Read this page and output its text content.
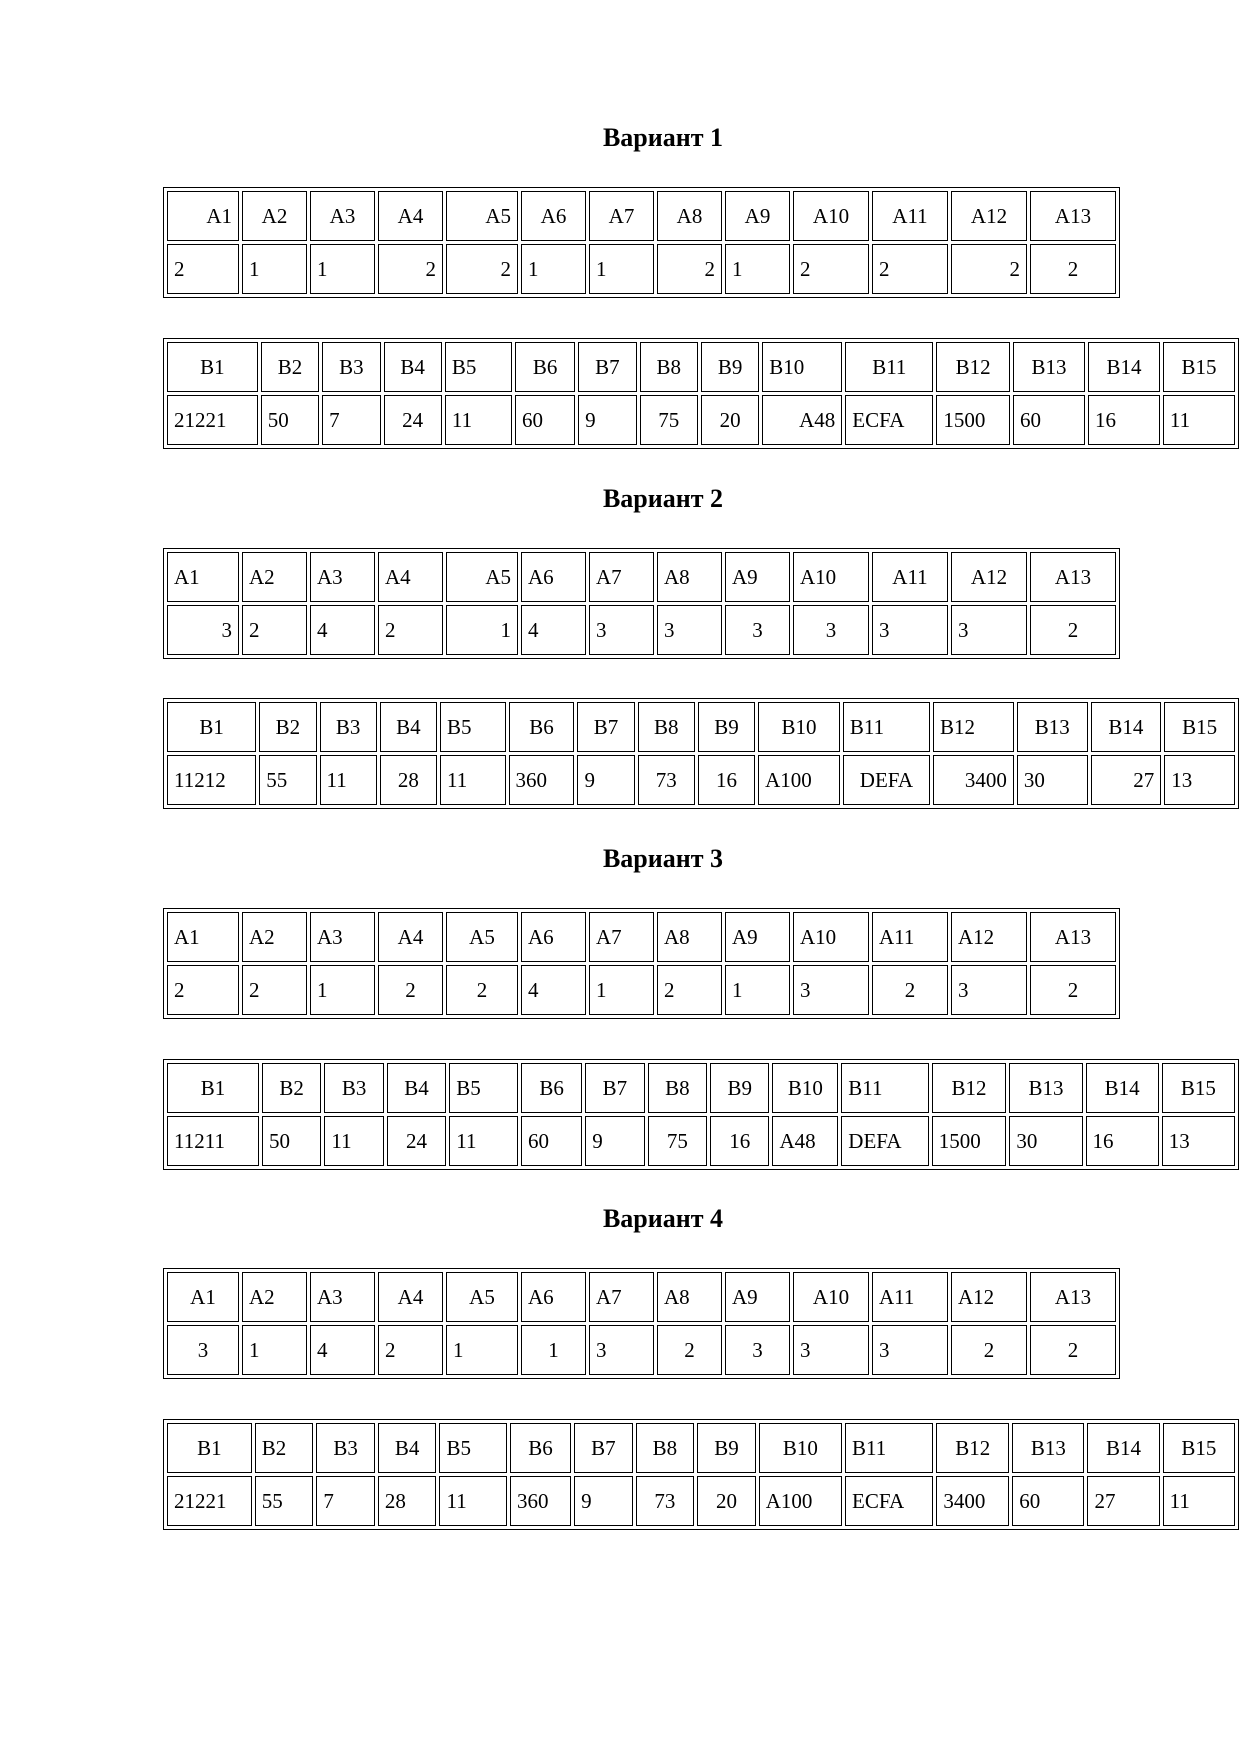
Вариант 1
A1	A2	A3	A4	A5	A6	A7	A8	A9	A10	A11	A12	A13
2	1	1	2	2	1	1	2	1	2	2	2	2
B1	B2	B3	B4	B5	B6	B7	B8	B9	B10	B11	B12	B13	B14	B15
21221	50	7	24	11	60	9	75	20	A48	ECFA	1500	60	16	11
Вариант 2
A1	A2	A3	A4	A5	A6	A7	A8	A9	A10	A11	A12	A13
3	2	4	2	1	4	3	3	3	3	3	3	2
B1	B2	B3	B4	B5	B6	B7	B8	B9	B10	B11	B12	B13	B14	B15
11212	55	11	28	11	360	9	73	16	A100	DEFA	3400	30	27	13
Вариант 3
A1	A2	A3	A4	A5	A6	A7	A8	A9	A10	A11	A12	A13
2	2	1	2	2	4	1	2	1	3	2	3	2
B1	B2	B3	B4	B5	B6	B7	B8	B9	B10	B11	B12	B13	B14	B15
11211	50	11	24	11	60	9	75	16	A48	DEFA	1500	30	16	13
Вариант 4
A1	A2	A3	A4	A5	A6	A7	A8	A9	A10	A11	A12	A13
3	1	4	2	1	1	3	2	3	3	3	2	2
B1	B2	B3	B4	B5	B6	B7	B8	B9	B10	B11	B12	B13	B14	B15
21221	55	7	28	11	360	9	73	20	A100	ECFA	3400	60	27	11
